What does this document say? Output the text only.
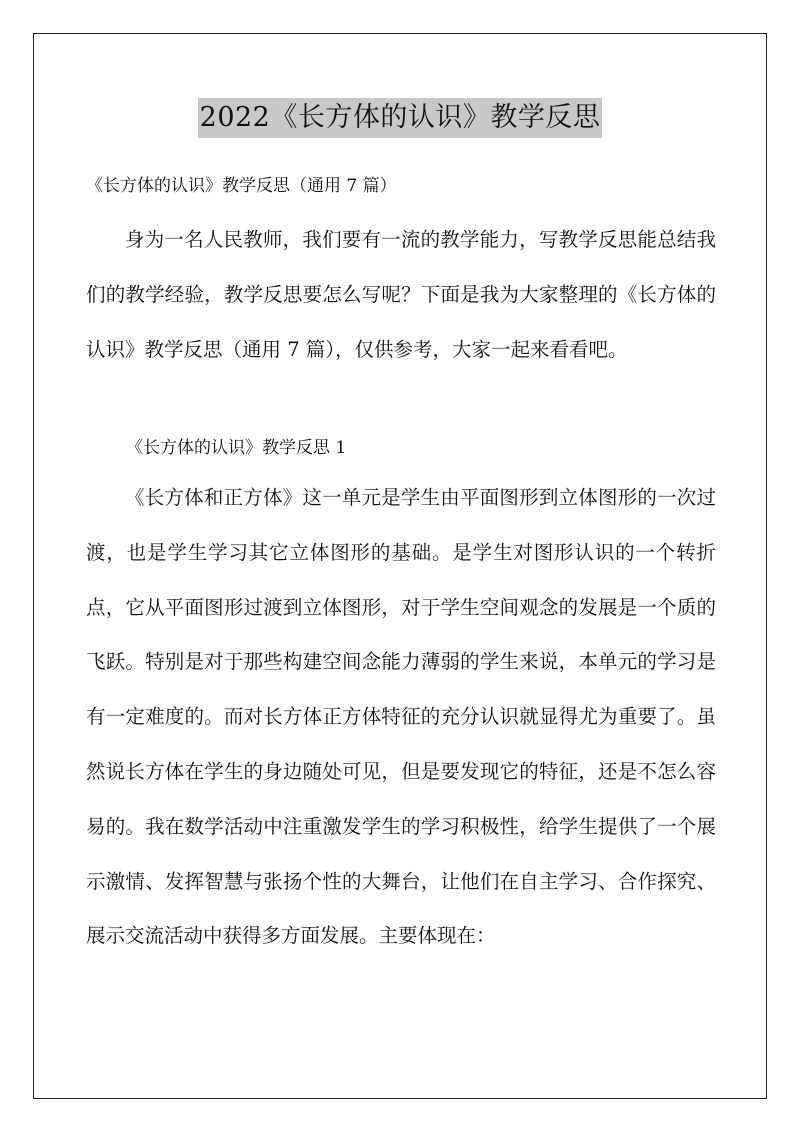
2022《长方体的认识》教学反思
《长方体的认识》教学反思（通用 7 篇）

身为一名人民教师，我们要有一流的教学能力，写教学反思能总结我们的教学经验，教学反思要怎么写呢？下面是我为大家整理的《长方体的认识》教学反思（通用 7 篇），仅供参考，大家一起来看看吧。

《长方体的认识》教学反思 1

《长方体和正方体》这一单元是学生由平面图形到立体图形的一次过渡，也是学生学习其它立体图形的基础。是学生对图形认识的一个转折点，它从平面图形过渡到立体图形，对于学生空间观念的发展是一个质的飞跃。特别是对于那些构建空间念能力薄弱的学生来说，本单元的学习是有一定难度的。而对长方体正方体特征的充分认识就显得尤为重要了。虽然说长方体在学生的身边随处可见，但是要发现它的特征，还是不怎么容易的。我在数学活动中注重激发学生的学习积极性，给学生提供了一个展示激情、发挥智慧与张扬个性的大舞台，让他们在自主学习、合作探究、展示交流活动中获得多方面发展。主要体现在：
